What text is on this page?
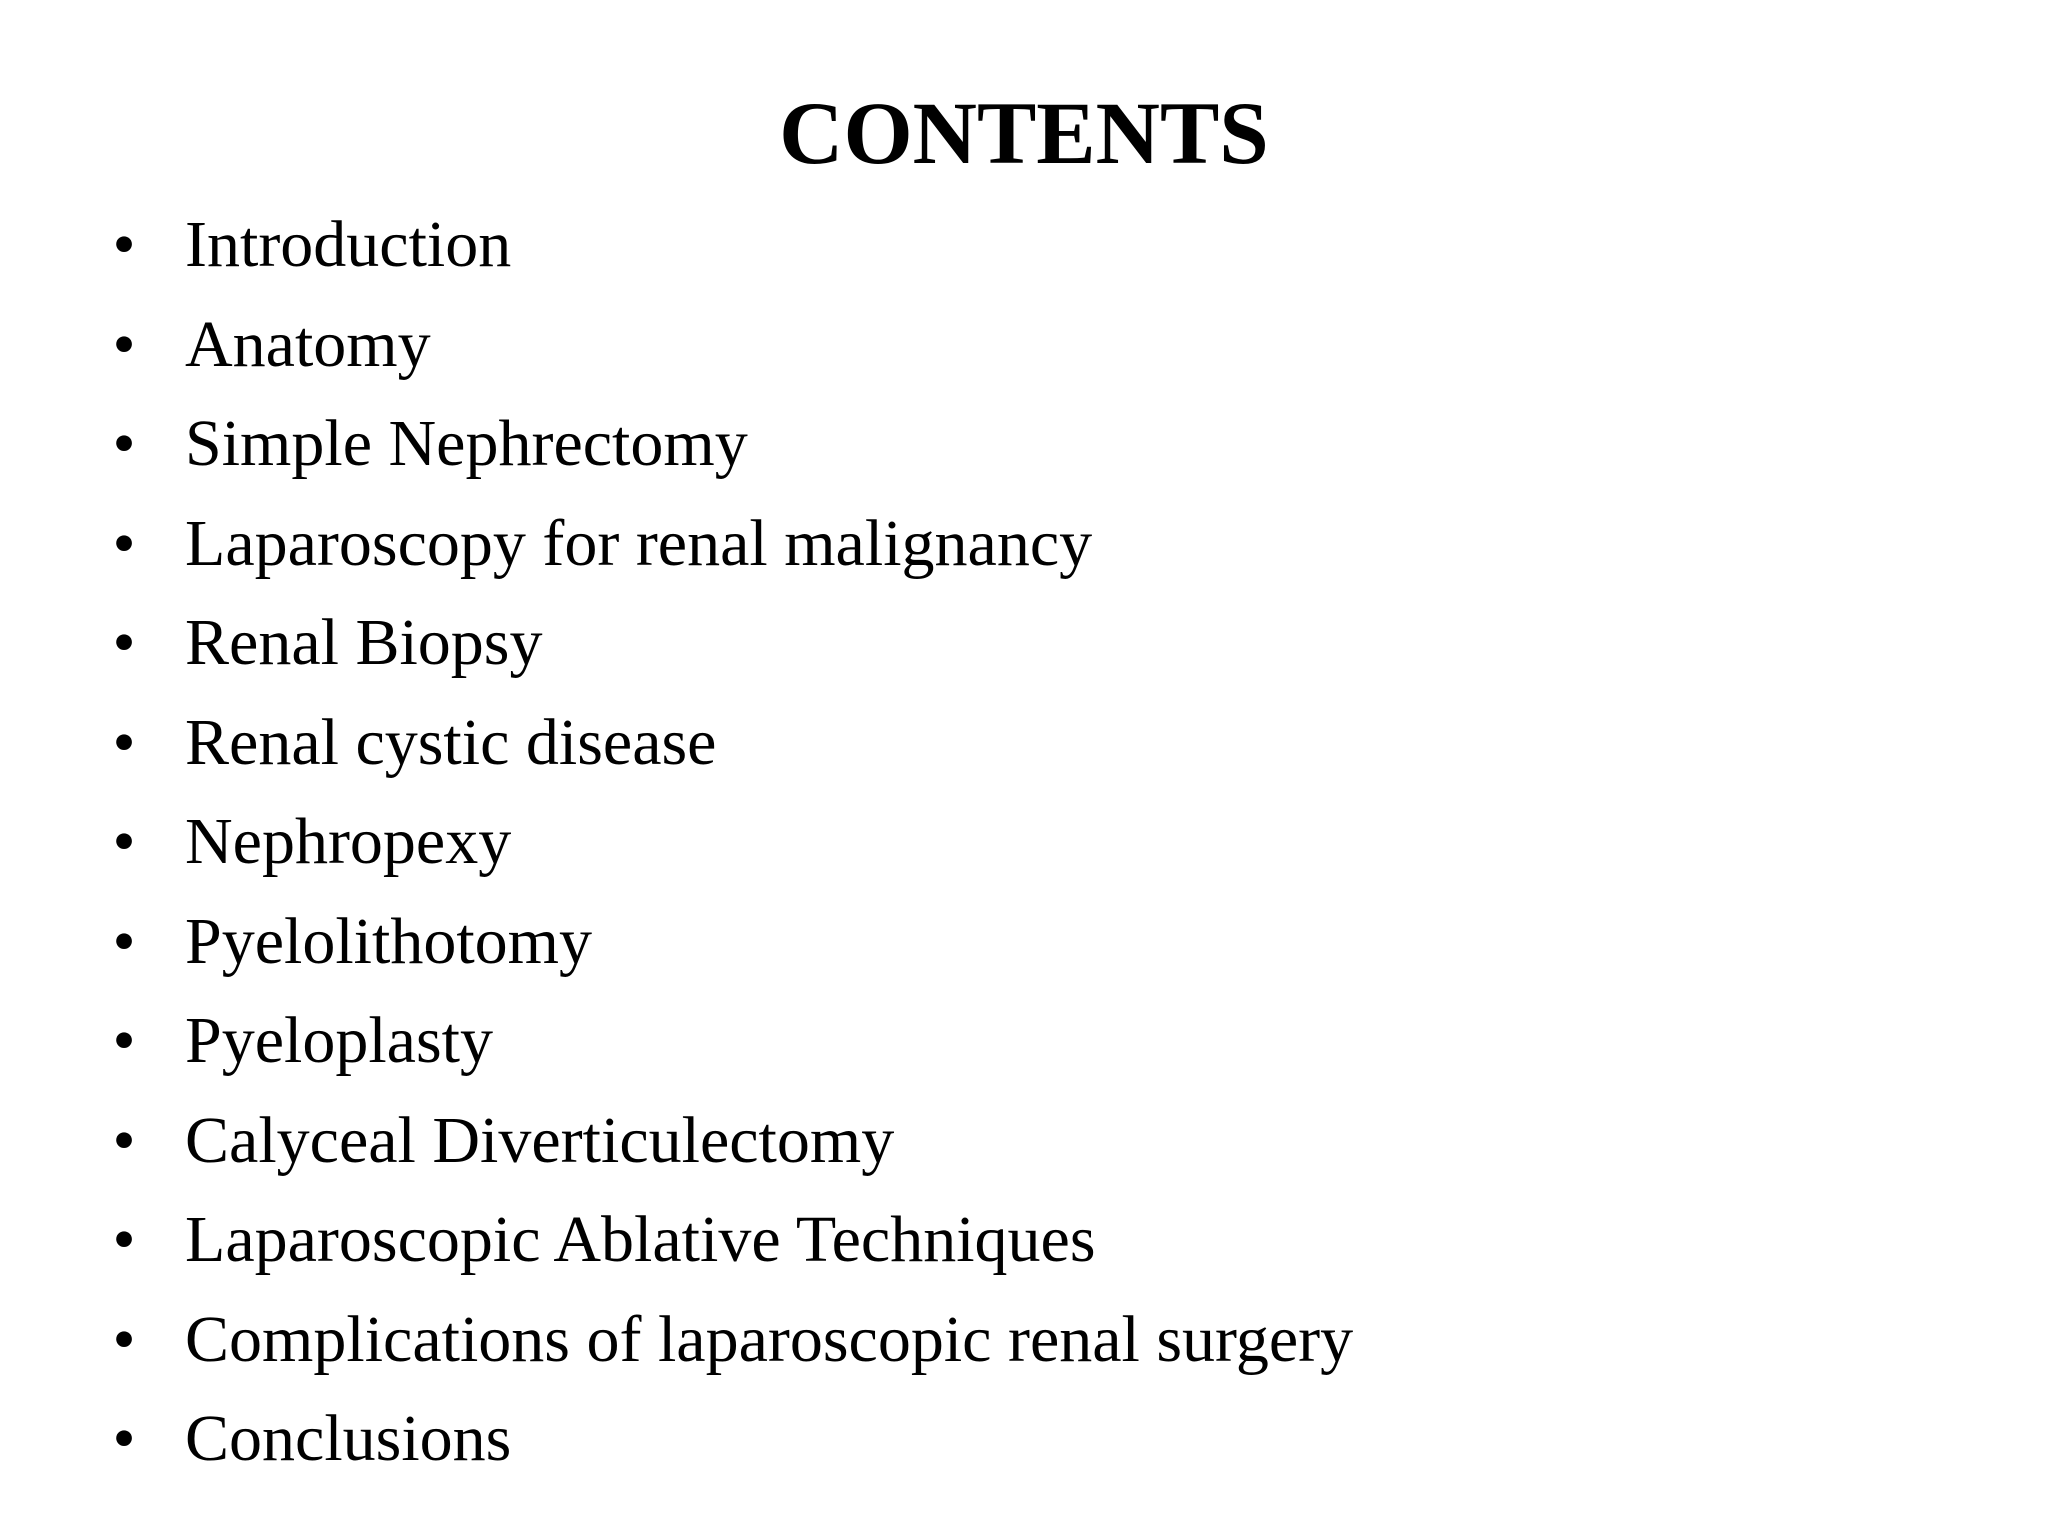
CONTENTS
• Introduction
• Anatomy
• Simple Nephrectomy
• Laparoscopy for renal malignancy
• Renal Biopsy
• Renal cystic disease
• Nephropexy
• Pyelolithotomy
• Pyeloplasty
• Calyceal Diverticulectomy
• Laparoscopic Ablative Techniques
• Complications of laparoscopic renal surgery
• Conclusions
